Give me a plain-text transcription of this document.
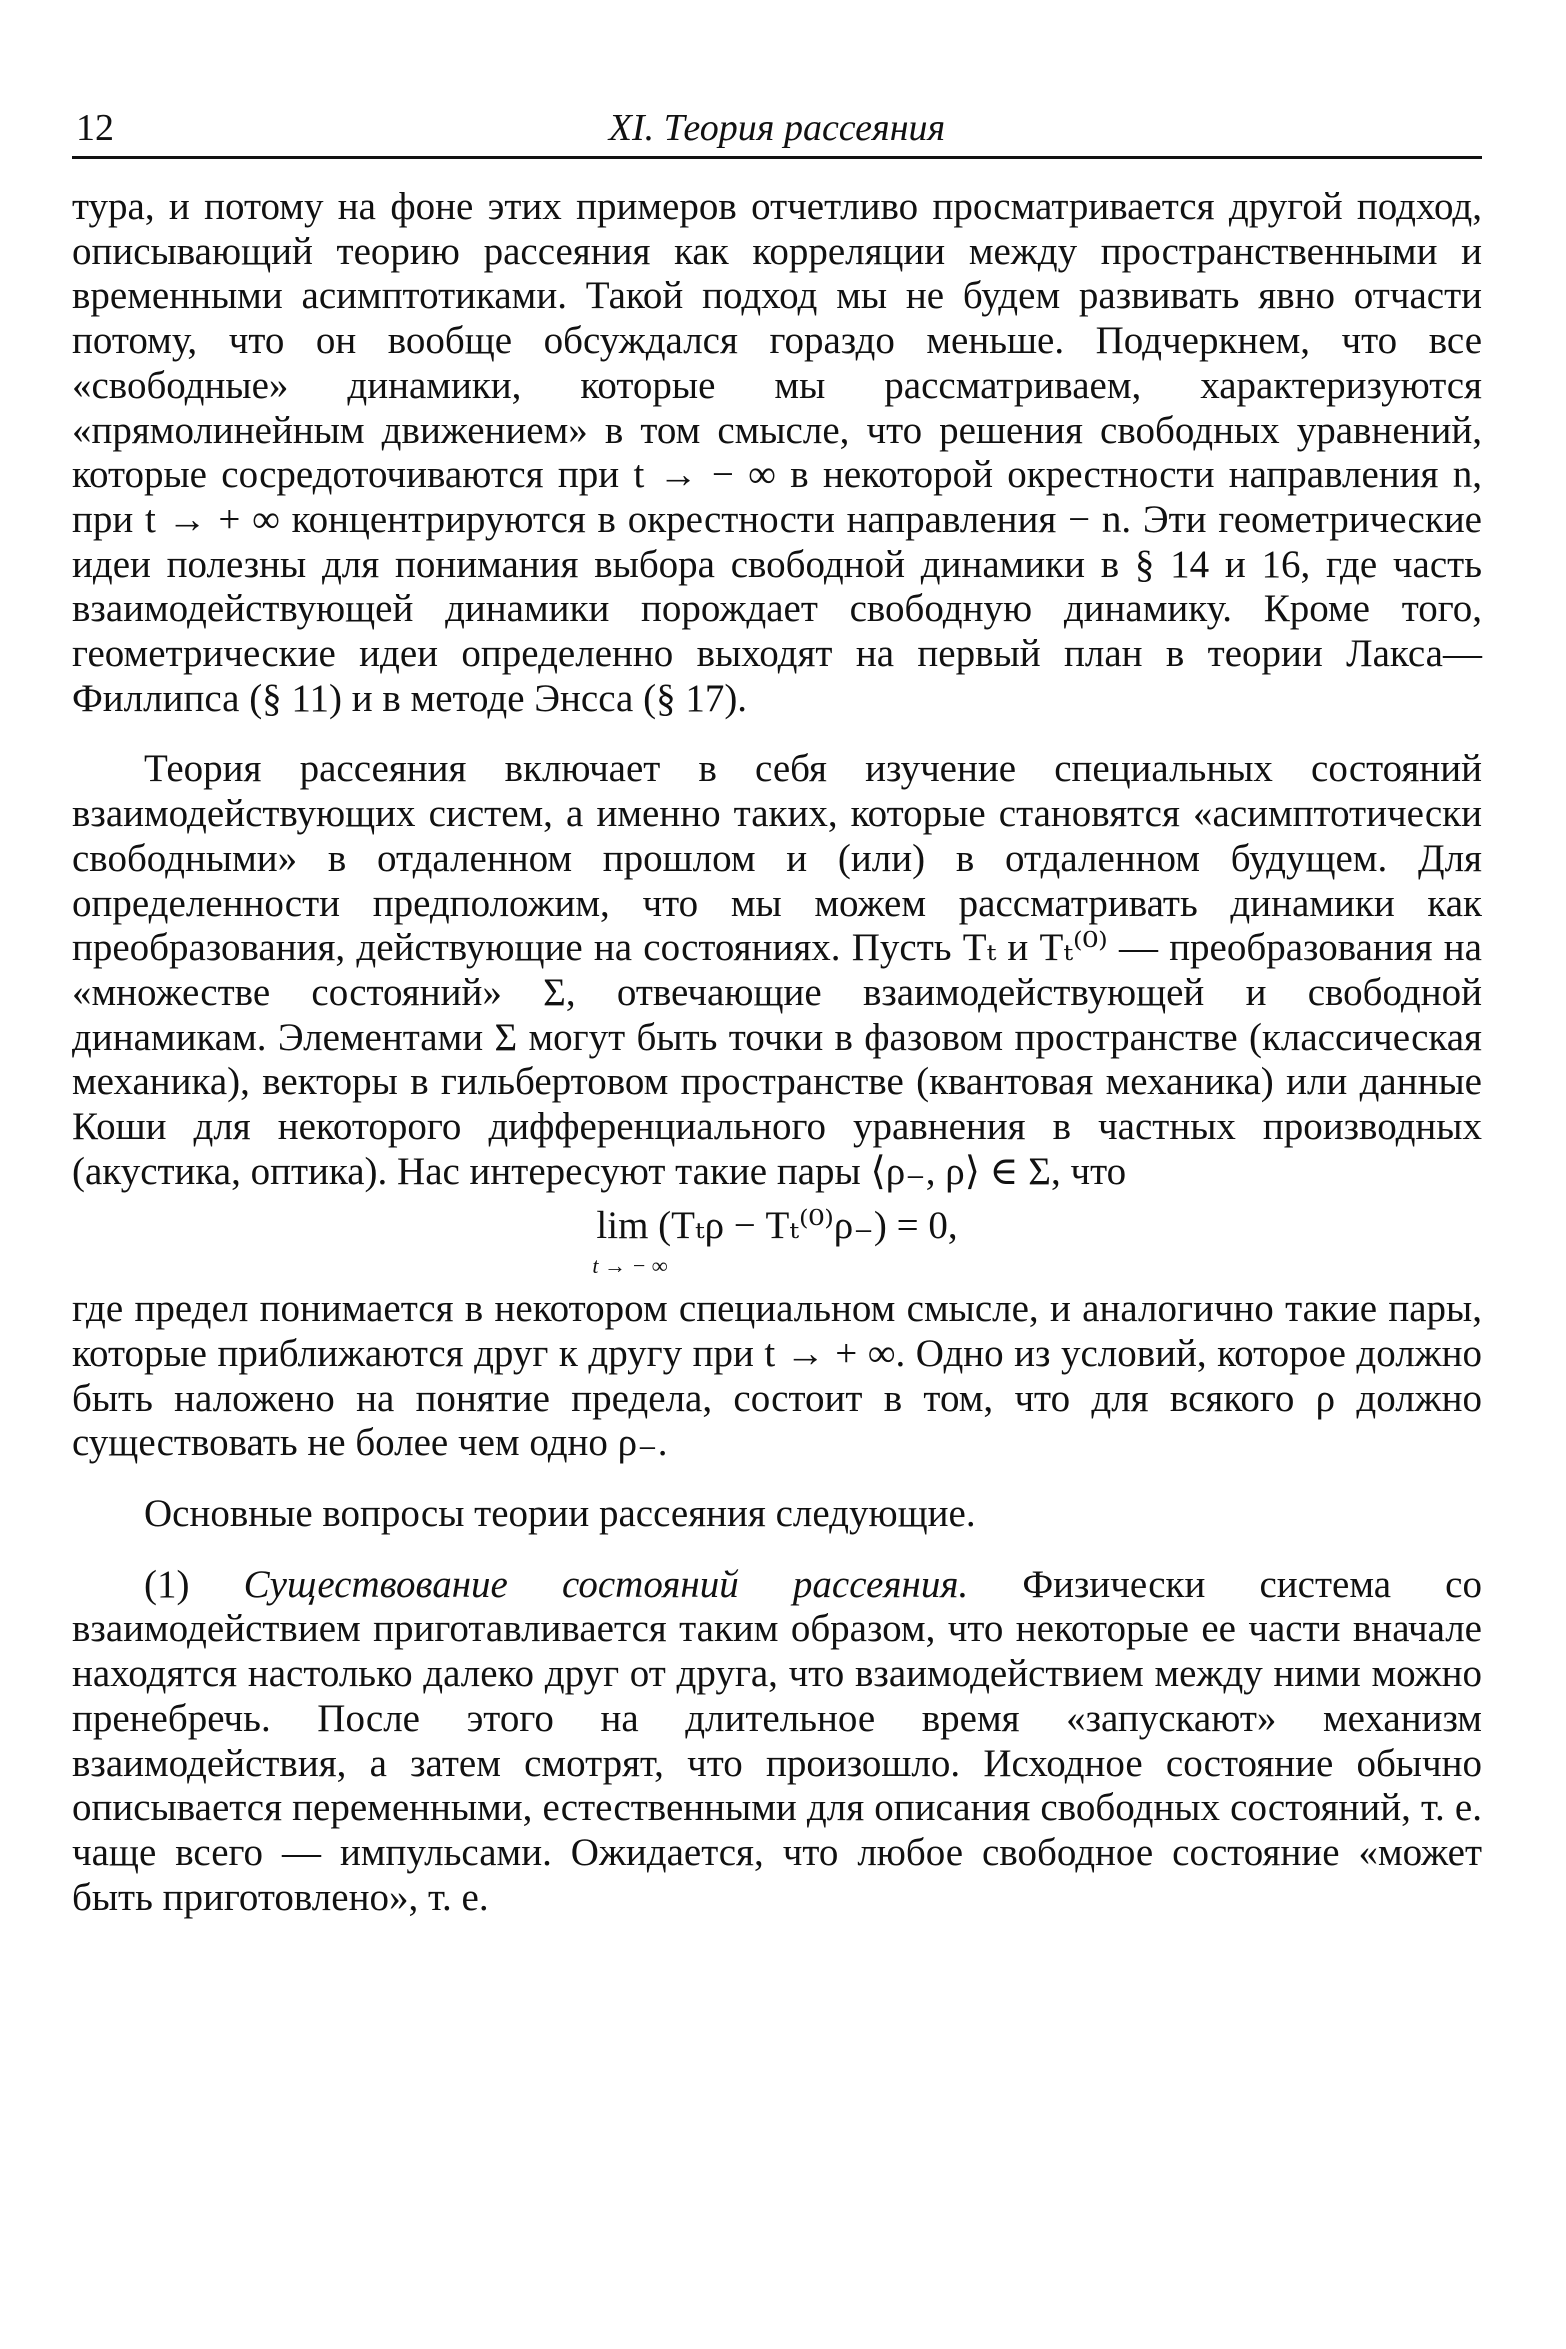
12	XI. Теория рассеяния

тура, и потому на фоне этих примеров отчетливо просматривается другой подход, описывающий теорию рассеяния как корреляции между пространственными и временными асимптотиками. Такой подход мы не будем развивать явно отчасти потому, что он вообще обсуждался гораздо меньше. Подчеркнем, что все «свободные» динамики, которые мы рассматриваем, характеризуются «прямолинейным движением» в том смысле, что решения свободных уравнений, которые сосредоточиваются при t → − ∞ в некоторой окрестности направления n, при t → + ∞ концентрируются в окрестности направления − n. Эти геометрические идеи полезны для понимания выбора свободной динамики в § 14 и 16, где часть взаимодействующей динамики порождает свободную динамику. Кроме того, геометрические идеи определенно выходят на первый план в теории Лакса—Филлипса (§ 11) и в методе Энсса (§ 17).

Теория рассеяния включает в себя изучение специальных состояний взаимодействующих систем, а именно таких, которые становятся «асимптотически свободными» в отдаленном прошлом и (или) в отдаленном будущем. Для определенности предположим, что мы можем рассматривать динамики как преобразования, действующие на состояниях. Пусть Tₜ и Tₜ⁽⁰⁾ — преобразования на «множестве состояний» Σ, отвечающие взаимодействующей и свободной динамикам. Элементами Σ могут быть точки в фазовом пространстве (классическая механика), векторы в гильбертовом пространстве (квантовая механика) или данные Коши для некоторого дифференциального уравнения в частных производных (акустика, оптика). Нас интересуют такие пары ⟨ρ₋, ρ⟩ ∈ Σ, что

lim
t → − ∞
(Tₜρ − Tₜ⁽⁰⁾ρ₋) = 0,

где предел понимается в некотором специальном смысле, и аналогично такие пары, которые приближаются друг к другу при t → + ∞. Одно из условий, которое должно быть наложено на понятие предела, состоит в том, что для всякого ρ должно существовать не более чем одно ρ₋.

Основные вопросы теории рассеяния следующие.

(1) Существование состояний рассеяния. Физически система со взаимодействием приготавливается таким образом, что некоторые ее части вначале находятся настолько далеко друг от друга, что взаимодействием между ними можно пренебречь. После этого на длительное время «запускают» механизм взаимодействия, а затем смотрят, что произошло. Исходное состояние обычно описывается переменными, естественными для описания свободных состояний, т. е. чаще всего — импульсами. Ожидается, что любое свободное состояние «может быть приготовлено», т. е.
